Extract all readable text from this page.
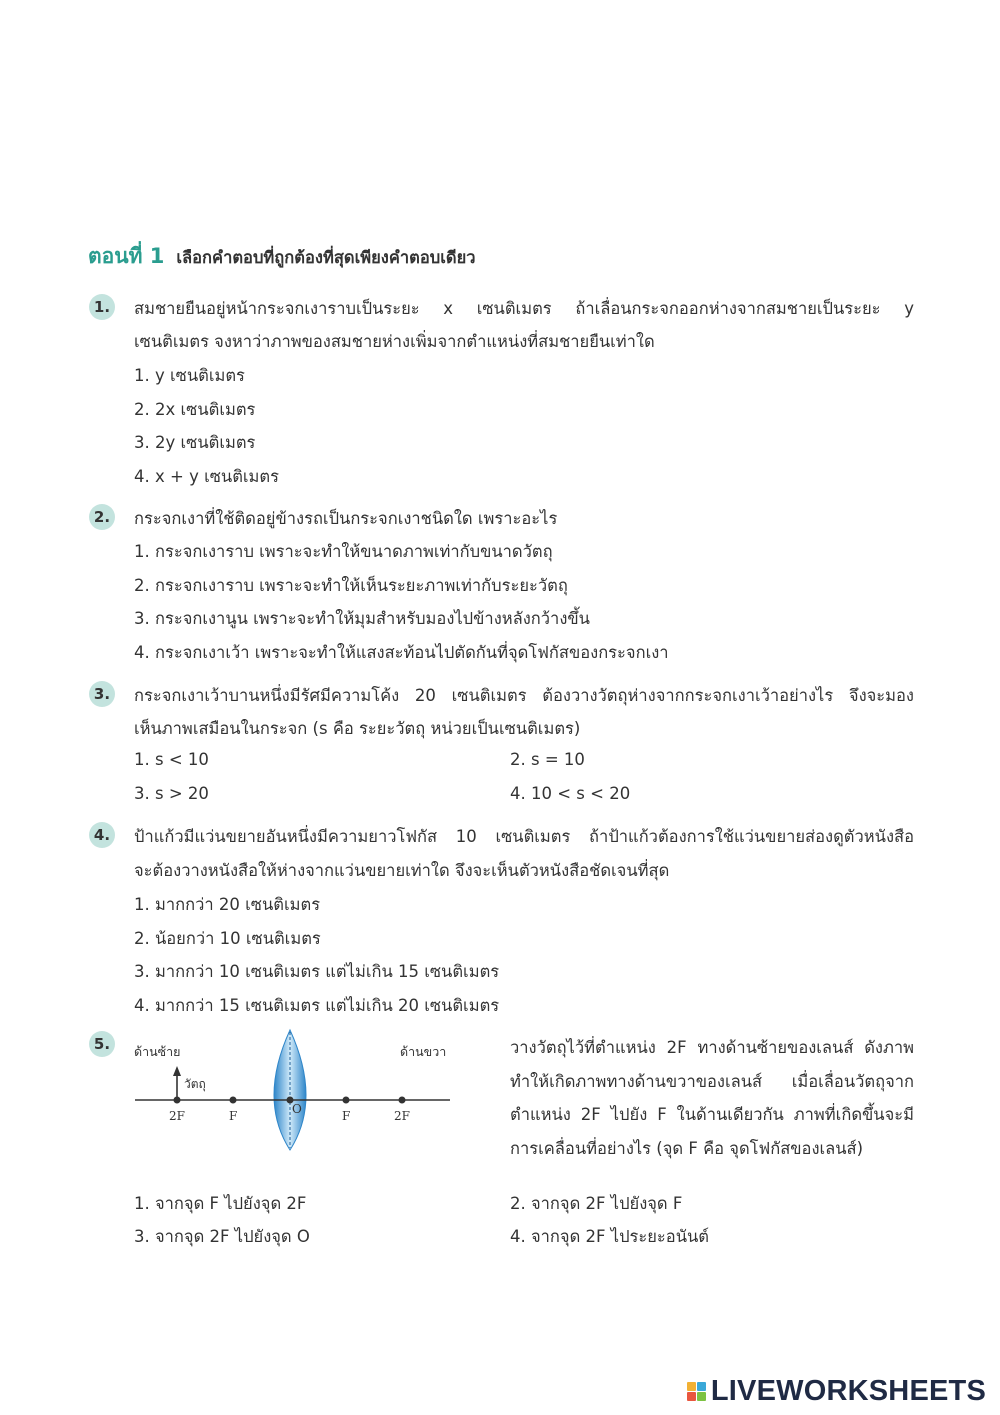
ตอนที่ 1 เลือกคำตอบที่ถูกต้องที่สุดเพียงคำตอบเดียว
1. สมชายยืนอยู่หน้ากระจกเงาราบเป็นระยะ x เซนติเมตร ถ้าเลื่อนกระจกออกห่างจากสมชายเป็นระยะ y
เซนติเมตร จงหาว่าภาพของสมชายห่างเพิ่มจากตำแหน่งที่สมชายยืนเท่าใด
1. y เซนติเมตร
2. 2x เซนติเมตร
3. 2y เซนติเมตร
4. x + y เซนติเมตร
2. กระจกเงาที่ใช้ติดอยู่ข้างรถเป็นกระจกเงาชนิดใด เพราะอะไร
1. กระจกเงาราบ เพราะจะทำให้ขนาดภาพเท่ากับขนาดวัตถุ
2. กระจกเงาราบ เพราะจะทำให้เห็นระยะภาพเท่ากับระยะวัตถุ
3. กระจกเงานูน เพราะจะทำให้มุมสำหรับมองไปข้างหลังกว้างขึ้น
4. กระจกเงาเว้า เพราะจะทำให้แสงสะท้อนไปตัดกันที่จุดโฟกัสของกระจกเงา
3. กระจกเงาเว้าบานหนึ่งมีรัศมีความโค้ง 20 เซนติเมตร ต้องวางวัตถุห่างจากกระจกเงาเว้าอย่างไร จึงจะมอง
เห็นภาพเสมือนในกระจก (s คือ ระยะวัตถุ หน่วยเป็นเซนติเมตร)
1. s < 10	2. s = 10
3. s > 20	4. 10 < s < 20
4. ป้าแก้วมีแว่นขยายอันหนึ่งมีความยาวโฟกัส 10 เซนติเมตร ถ้าป้าแก้วต้องการใช้แว่นขยายส่องดูตัวหนังสือ
จะต้องวางหนังสือให้ห่างจากแว่นขยายเท่าใด จึงจะเห็นตัวหนังสือชัดเจนที่สุด
1. มากกว่า 20 เซนติเมตร
2. น้อยกว่า 10 เซนติเมตร
3. มากกว่า 10 เซนติเมตร แต่ไม่เกิน 15 เซนติเมตร
4. มากกว่า 15 เซนติเมตร แต่ไม่เกิน 20 เซนติเมตร
5.	ด้านซ้าย	ด้านขวา
วัตถุ
2F	F	O	F	2F
วางวัตถุไว้ที่ตำแหน่ง 2F ทางด้านซ้ายของเลนส์ ดังภาพ
ทำให้เกิดภาพทางด้านขวาของเลนส์ เมื่อเลื่อนวัตถุจาก
ตำแหน่ง 2F ไปยัง F ในด้านเดียวกัน ภาพที่เกิดขึ้นจะมี
การเคลื่อนที่อย่างไร (จุด F คือ จุดโฟกัสของเลนส์)
1. จากจุด F ไปยังจุด 2F	2. จากจุด 2F ไปยังจุด F
3. จากจุด 2F ไปยังจุด O	4. จากจุด 2F ไประยะอนันต์
LIVEWORKSHEETS
